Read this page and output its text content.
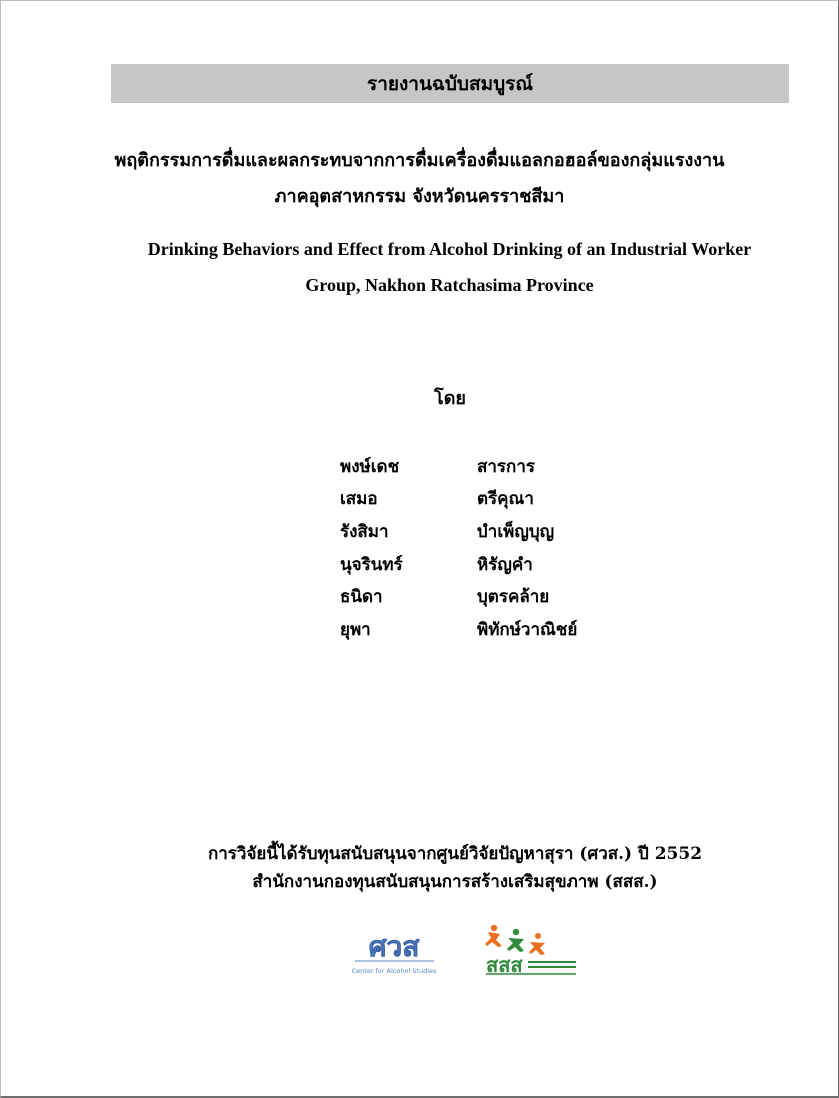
รายงานฉบับสมบูรณ์
พฤติกรรมการดื่มและผลกระทบจากการดื่มเครื่องดื่มแอลกอฮอล์ของกลุ่มแรงงาน
ภาคอุตสาหกรรม จังหวัดนครราชสีมา
Drinking Behaviors and Effect from Alcohol Drinking of an Industrial Worker
Group, Nakhon Ratchasima Province
โดย
พงษ์เดช	สารการ
เสมอ	ตรีคุณา
รังสิมา	บำเพ็ญบุญ
นุจรินทร์	หิรัญคำ
ธนิดา	บุตรคล้าย
ยุพา	พิทักษ์วาณิชย์
การวิจัยนี้ได้รับทุนสนับสนุนจากศูนย์วิจัยปัญหาสุรา (ศวส.) ปี 2552
สำนักงานกองทุนสนับสนุนการสร้างเสริมสุขภาพ (สสส.)
ศวส
Center for Alcohol Studies สสส
